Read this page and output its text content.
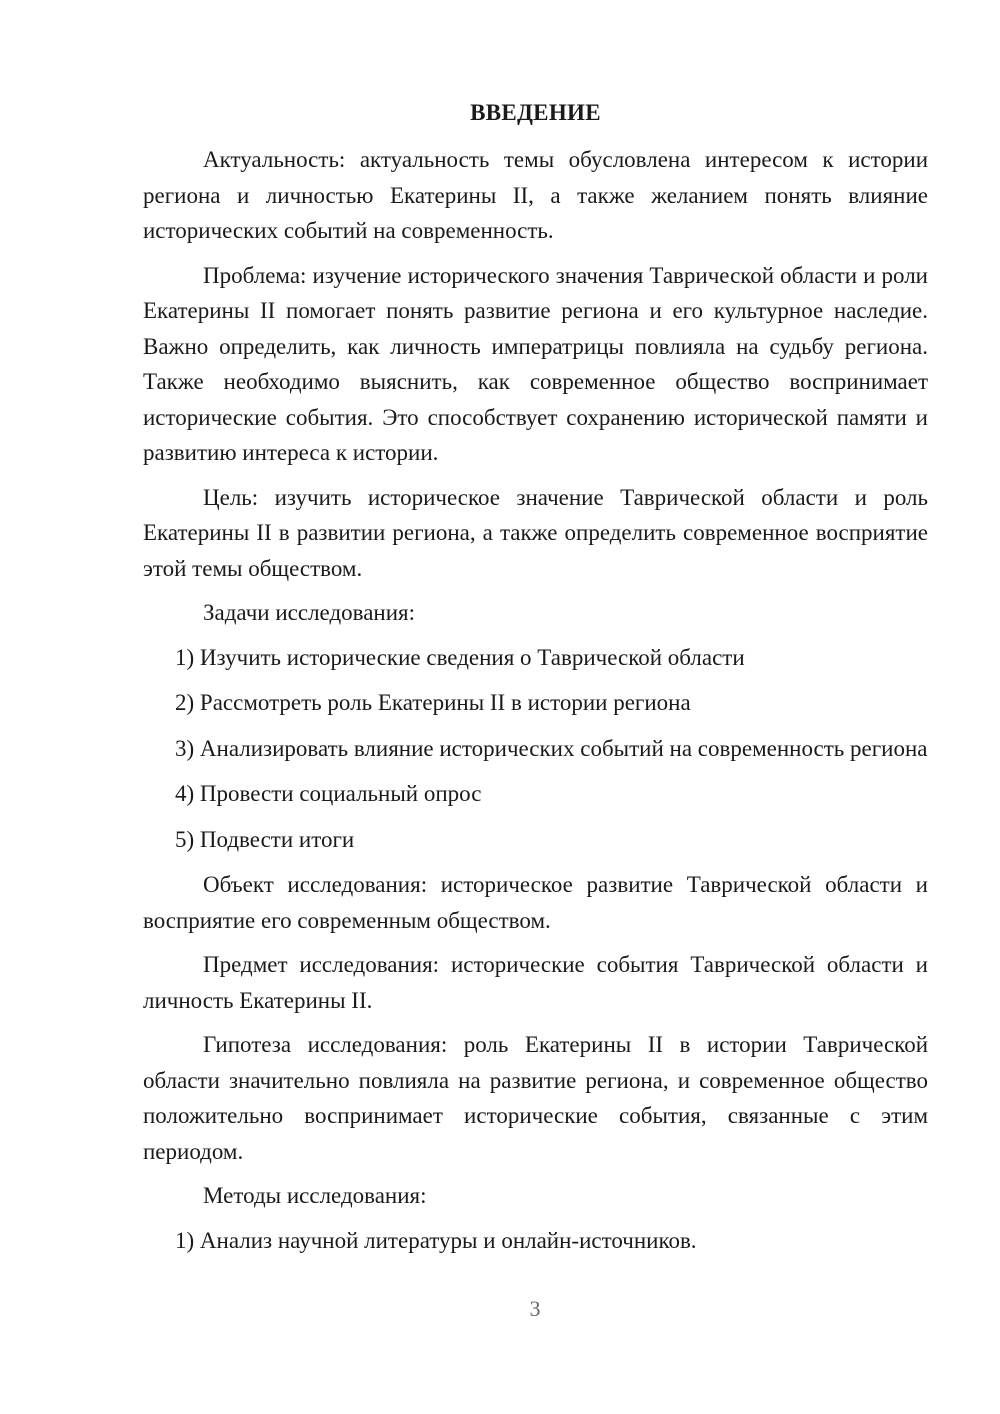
ВВЕДЕНИЕ

Актуальность: актуальность темы обусловлена интересом к истории региона и личностью Екатерины II, а также желанием понять влияние исторических событий на современность.

Проблема: изучение исторического значения Таврической области и роли Екатерины II помогает понять развитие региона и его культурное наследие. Важно определить, как личность императрицы повлияла на судьбу региона. Также необходимо выяснить, как современное общество воспринимает исторические события. Это способствует сохранению исторической памяти и развитию интереса к истории.

Цель: изучить историческое значение Таврической области и роль Екатерины II в развитии региона, а также определить современное восприятие этой темы обществом.

Задачи исследования:

1) Изучить исторические сведения о Таврической области

2) Рассмотреть роль Екатерины II в истории региона

3) Анализировать влияние исторических событий на современность региона

4) Провести социальный опрос

5) Подвести итоги

Объект исследования: историческое развитие Таврической области и восприятие его современным обществом.

Предмет исследования: исторические события Таврической области и личность Екатерины II.

Гипотеза исследования: роль Екатерины II в истории Таврической области значительно повлияла на развитие региона, и современное общество положительно воспринимает исторические события, связанные с этим периодом.

Методы исследования:

1) Анализ научной литературы и онлайн-источников.

3
